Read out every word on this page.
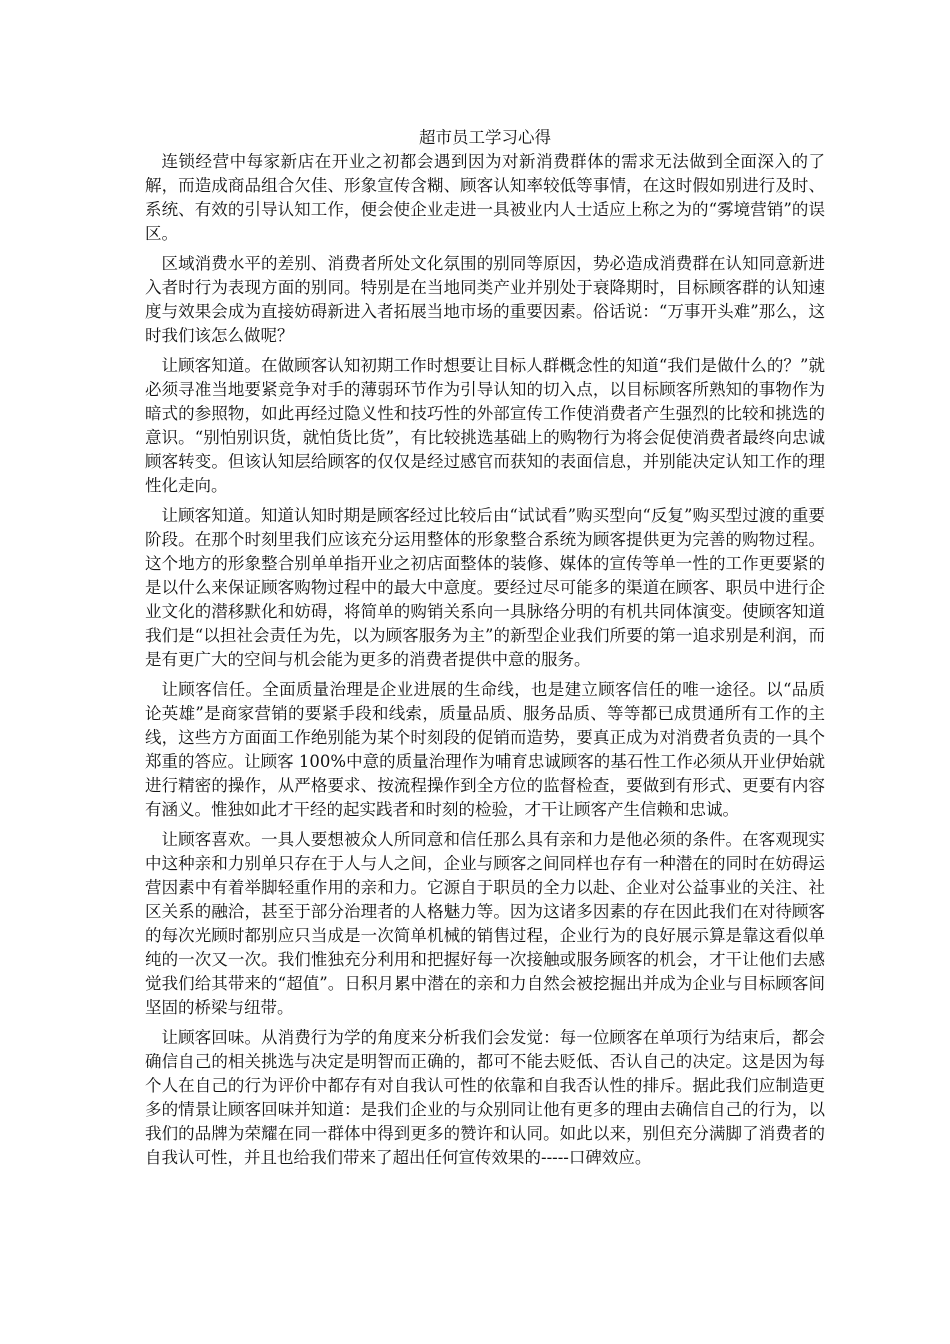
超市员工学习心得

连锁经营中每家新店在开业之初都会遇到因为对新消费群体的需求无法做到全面深入的了解，而造成商品组合欠佳、形象宣传含糊、顾客认知率较低等事情，在这时假如别进行及时、系统、有效的引导认知工作，便会使企业走进一具被业内人士适应上称之为的“雾境营销”的误区。

区域消费水平的差别、消费者所处文化氛围的别同等原因，势必造成消费群在认知同意新进入者时行为表现方面的别同。特别是在当地同类产业并别处于衰降期时，目标顾客群的认知速度与效果会成为直接妨碍新进入者拓展当地市场的重要因素。俗话说：“万事开头难”那么，这时我们该怎么做呢？

让顾客知道。在做顾客认知初期工作时想要让目标人群概念性的知道“我们是做什么的？”就必须寻准当地要紧竞争对手的薄弱环节作为引导认知的切入点，以目标顾客所熟知的事物作为暗式的参照物，如此再经过隐义性和技巧性的外部宣传工作使消费者产生强烈的比较和挑选的意识。“别怕别识货，就怕货比货”，有比较挑选基础上的购物行为将会促使消费者最终向忠诚顾客转变。但该认知层给顾客的仅仅是经过感官而获知的表面信息，并别能决定认知工作的理性化走向。

让顾客知道。知道认知时期是顾客经过比较后由“试试看”购买型向“反复”购买型过渡的重要阶段。在那个时刻里我们应该充分运用整体的形象整合系统为顾客提供更为完善的购物过程。这个地方的形象整合别单单指开业之初店面整体的装修、媒体的宣传等单一性的工作更要紧的是以什么来保证顾客购物过程中的最大中意度。要经过尽可能多的渠道在顾客、职员中进行企业文化的潜移默化和妨碍，将简单的购销关系向一具脉络分明的有机共同体演变。使顾客知道我们是“以担社会责任为先，以为顾客服务为主”的新型企业我们所要的第一追求别是利润，而是有更广大的空间与机会能为更多的消费者提供中意的服务。

让顾客信任。全面质量治理是企业进展的生命线，也是建立顾客信任的唯一途径。以“品质论英雄”是商家营销的要紧手段和线索，质量品质、服务品质、等等都已成贯通所有工作的主线，这些方方面面工作绝别能为某个时刻段的促销而造势，要真正成为对消费者负责的一具个郑重的答应。让顾客 100%中意的质量治理作为哺育忠诚顾客的基石性工作必须从开业伊始就进行精密的操作，从严格要求、按流程操作到全方位的监督检查，要做到有形式、更要有内容有涵义。惟独如此才干经的起实践者和时刻的检验，才干让顾客产生信赖和忠诚。

让顾客喜欢。一具人要想被众人所同意和信任那么具有亲和力是他必须的条件。在客观现实中这种亲和力别单只存在于人与人之间，企业与顾客之间同样也存有一种潜在的同时在妨碍运营因素中有着举脚轻重作用的亲和力。它源自于职员的全力以赴、企业对公益事业的关注、社区关系的融洽，甚至于部分治理者的人格魅力等。因为这诸多因素的存在因此我们在对待顾客的每次光顾时都别应只当成是一次简单机械的销售过程，企业行为的良好展示算是靠这看似单纯的一次又一次。我们惟独充分利用和把握好每一次接触或服务顾客的机会，才干让他们去感觉我们给其带来的“超值”。日积月累中潜在的亲和力自然会被挖掘出并成为企业与目标顾客间坚固的桥梁与纽带。

让顾客回味。从消费行为学的角度来分析我们会发觉：每一位顾客在单项行为结束后，都会确信自己的相关挑选与决定是明智而正确的，都可不能去贬低、否认自己的决定。这是因为每个人在自己的行为评价中都存有对自我认可性的依靠和自我否认性的排斥。据此我们应制造更多的情景让顾客回味并知道：是我们企业的与众别同让他有更多的理由去确信自己的行为，以我们的品牌为荣耀在同一群体中得到更多的赞许和认同。如此以来，别但充分满脚了消费者的自我认可性，并且也给我们带来了超出任何宣传效果的-----口碑效应。
